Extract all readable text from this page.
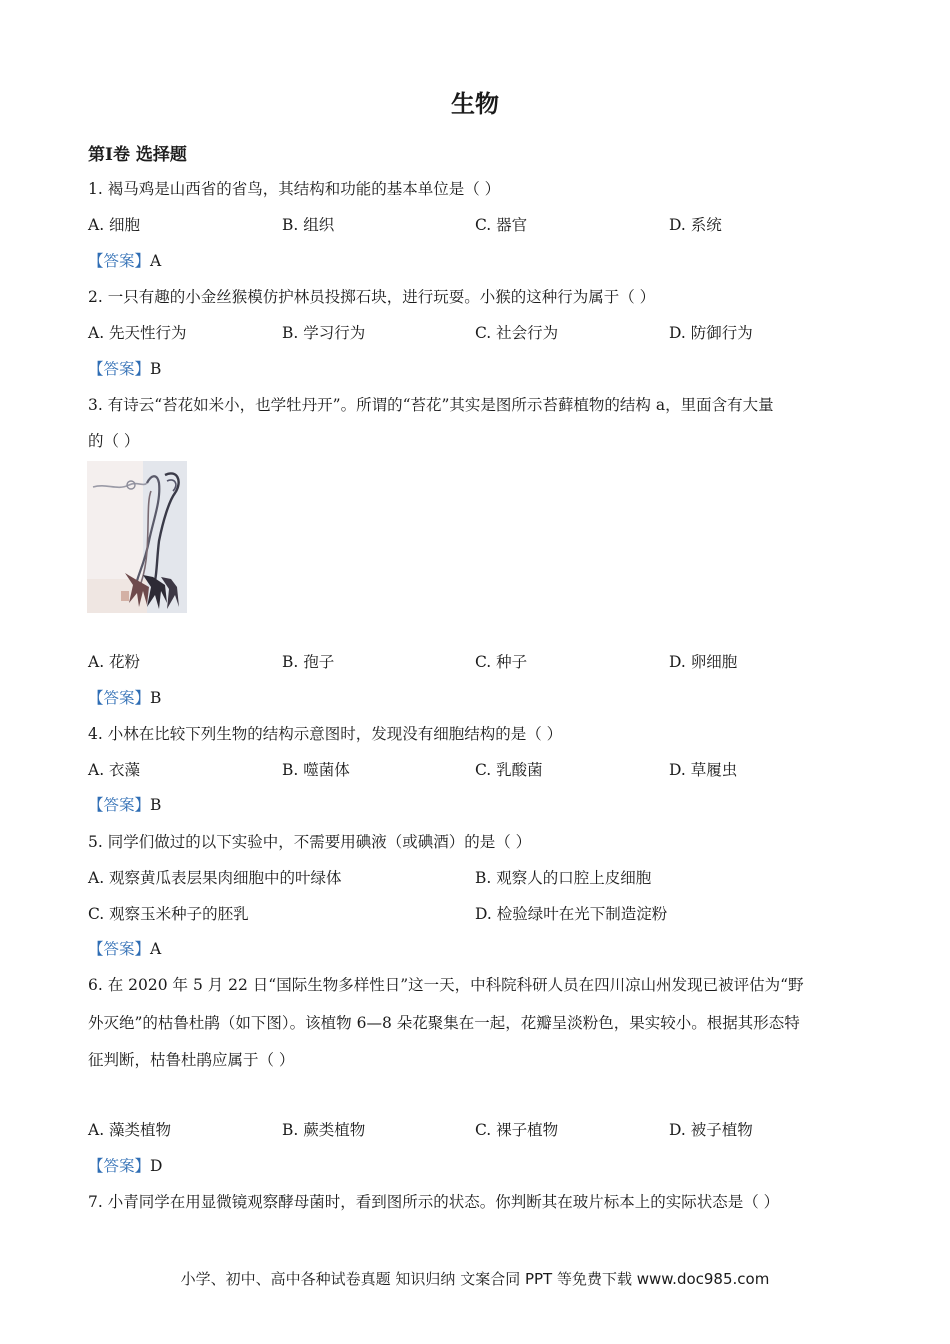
生物
第Ⅰ卷 选择题
1. 褐马鸡是山西省的省鸟，其结构和功能的基本单位是（ ）
A. 细胞	B. 组织	C. 器官	D. 系统
【答案】A
2. 一只有趣的小金丝猴模仿护林员投掷石块，进行玩耍。小猴的这种行为属于（ ）
A. 先天性行为	B. 学习行为	C. 社会行为	D. 防御行为
【答案】B
3. 有诗云“苔花如米小，也学牡丹开”。所谓的“苔花”其实是图所示苔藓植物的结构 a，里面含有大量
的（ ）
A. 花粉	B. 孢子	C. 种子	D. 卵细胞
【答案】B
4. 小林在比较下列生物的结构示意图时，发现没有细胞结构的是（ ）
A. 衣藻	B. 噬菌体	C. 乳酸菌	D. 草履虫
【答案】B
5. 同学们做过的以下实验中，不需要用碘液（或碘酒）的是（ ）
A. 观察黄瓜表层果肉细胞中的叶绿体	B. 观察人的口腔上皮细胞
C. 观察玉米种子的胚乳	D. 检验绿叶在光下制造淀粉
【答案】A
6. 在 2020 年 5 月 22 日“国际生物多样性日”这一天，中科院科研人员在四川凉山州发现已被评估为“野
外灭绝”的枯鲁杜鹃（如下图）。该植物 6—8 朵花聚集在一起，花瓣呈淡粉色，果实较小。根据其形态特
征判断，枯鲁杜鹃应属于（ ）
A. 藻类植物	B. 蕨类植物	C. 裸子植物	D. 被子植物
【答案】D
7. 小青同学在用显微镜观察酵母菌时，看到图所示的状态。你判断其在玻片标本上的实际状态是（ ）
小学、初中、高中各种试卷真题 知识归纳 文案合同 PPT 等免费下载 www.doc985.com
